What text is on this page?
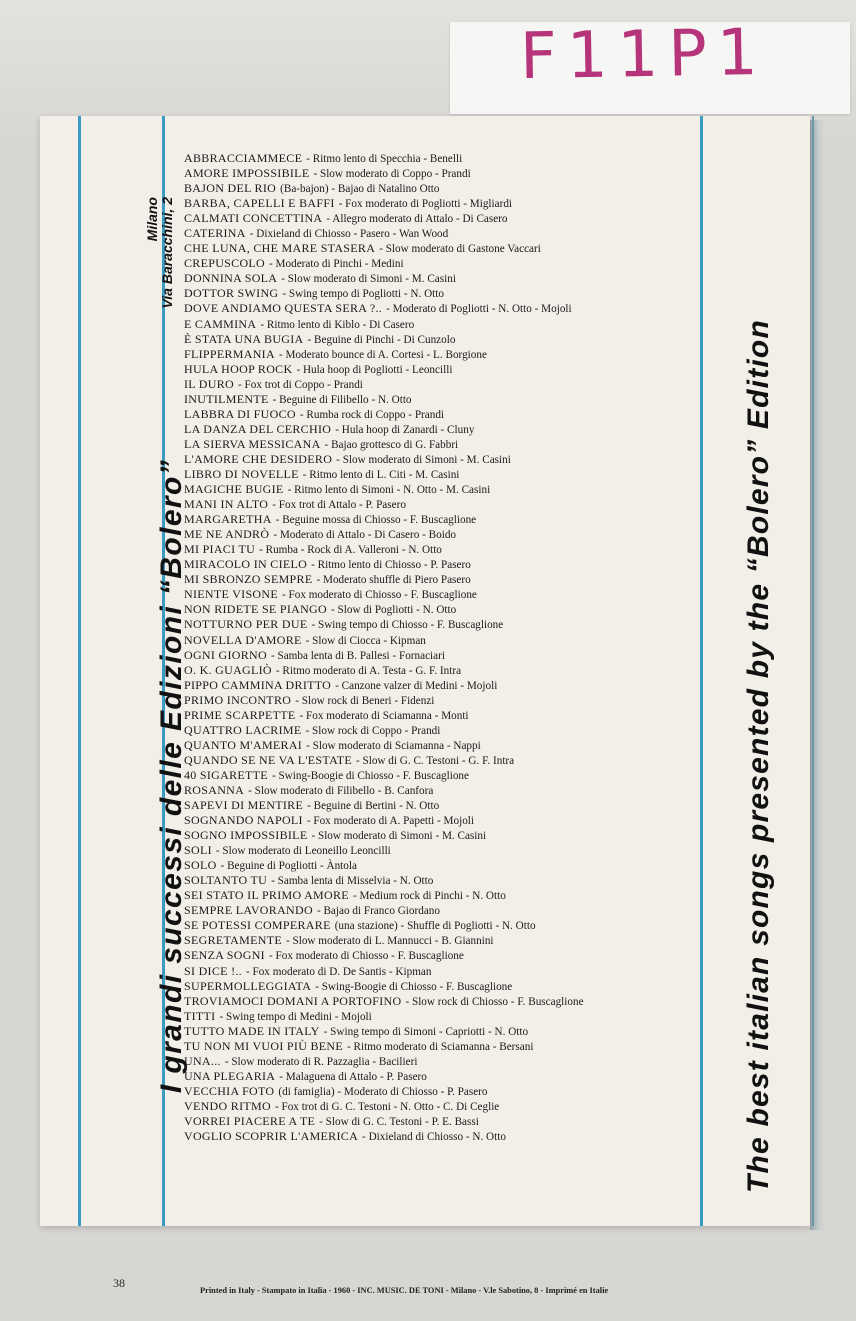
F11P1
I grandi successi delle Edizioni “Bolero”
Milano Via Baracchini, 2
The best italian songs presented by the “Bolero” Edition
38
Printed in Italy - Stampato in Italia - 1960 - INC. MUSIC. DE TONI - Milano - V.le Sabotino, 8 - Imprimé en Italie
ABBRACCIAMMECE - Ritmo lento di Specchia - Benelli
AMORE IMPOSSIBILE - Slow moderato di Coppo - Prandi
BAJON DEL RIO (Ba-bajon) - Bajao di Natalino Otto
BARBA, CAPELLI E BAFFI - Fox moderato di Pogliotti - Migliardi
CALMATI CONCETTINA - Allegro moderato di Attalo - Di Casero
CATERINA - Dixieland di Chiosso - Pasero - Wan Wood
CHE LUNA, CHE MARE STASERA - Slow moderato di Gastone Vaccari
CREPUSCOLO - Moderato di Pinchi - Medini
DONNINA SOLA - Slow moderato di Simoni - M. Casini
DOTTOR SWING - Swing tempo di Pogliotti - N. Otto
DOVE ANDIAMO QUESTA SERA ?.. - Moderato di Pogliotti - N. Otto - Mojoli
E CAMMINA - Ritmo lento di Kiblo - Di Casero
È STATA UNA BUGIA - Beguine di Pinchi - Di Cunzolo
FLIPPERMANIA - Moderato bounce di A. Cortesi - L. Borgione
HULA HOOP ROCK - Hula hoop di Pogliotti - Leoncilli
IL DURO - Fox trot di Coppo - Prandi
INUTILMENTE - Beguine di Filibello - N. Otto
LABBRA DI FUOCO - Rumba rock di Coppo - Prandi
LA DANZA DEL CERCHIO - Hula hoop di Zanardi - Cluny
LA SIERVA MESSICANA - Bajao grottesco di G. Fabbri
L'AMORE CHE DESIDERO - Slow moderato di Simoni - M. Casini
LIBRO DI NOVELLE - Ritmo lento di L. Citi - M. Casini
MAGICHE BUGIE - Ritmo lento di Simoni - N. Otto - M. Casini
MANI IN ALTO - Fox trot di Attalo - P. Pasero
MARGARETHA - Beguine mossa di Chiosso - F. Buscaglione
ME NE ANDRÒ - Moderato di Attalo - Di Casero - Boido
MI PIACI TU - Rumba - Rock di A. Valleroni - N. Otto
MIRACOLO IN CIELO - Ritmo lento di Chiosso - P. Pasero
MI SBRONZO SEMPRE - Moderato shuffle di Piero Pasero
NIENTE VISONE - Fox moderato di Chiosso - F. Buscaglione
NON RIDETE SE PIANGO - Slow di Pogliotti - N. Otto
NOTTURNO PER DUE - Swing tempo di Chiosso - F. Buscaglione
NOVELLA D'AMORE - Slow di Ciocca - Kipman
OGNI GIORNO - Samba lenta di B. Pallesi - Fornaciari
O. K. GUAGLIÒ - Ritmo moderato di A. Testa - G. F. Intra
PIPPO CAMMINA DRITTO - Canzone valzer di Medini - Mojoli
PRIMO INCONTRO - Slow rock di Beneri - Fidenzi
PRIME SCARPETTE - Fox moderato di Sciamanna - Monti
QUATTRO LACRIME - Slow rock di Coppo - Prandi
QUANTO M'AMERAI - Slow moderato di Sciamanna - Nappi
QUANDO SE NE VA L'ESTATE - Slow di G. C. Testoni - G. F. Intra
40 SIGARETTE - Swing-Boogie di Chiosso - F. Buscaglione
ROSANNA - Slow moderato di Filibello - B. Canfora
SAPEVI DI MENTIRE - Beguine di Bertini - N. Otto
SOGNANDO NAPOLI - Fox moderato di A. Papetti - Mojoli
SOGNO IMPOSSIBILE - Slow moderato di Simoni - M. Casini
SOLI - Slow moderato di Leoneillo Leoncilli
SOLO - Beguine di Pogliotti - Àntola
SOLTANTO TU - Samba lenta di Misselvia - N. Otto
SEI STATO IL PRIMO AMORE - Medium rock di Pinchi - N. Otto
SEMPRE LAVORANDO - Bajao di Franco Giordano
SE POTESSI COMPERARE (una stazione) - Shuffle di Pogliotti - N. Otto
SEGRETAMENTE - Slow moderato di L. Mannucci - B. Giannini
SENZA SOGNI - Fox moderato di Chiosso - F. Buscaglione
SI DICE !.. - Fox moderato di D. De Santis - Kipman
SUPERMOLLEGGIATA - Swing-Boogie di Chiosso - F. Buscaglione
TROVIAMOCI DOMANI A PORTOFINO - Slow rock di Chiosso - F. Buscaglione
TITTI - Swing tempo di Medini - Mojoli
TUTTO MADE IN ITALY - Swing tempo di Simoni - Capriotti - N. Otto
TU NON MI VUOI PIÙ BENE - Ritmo moderato di Sciamanna - Bersani
UNA... - Slow moderato di R. Pazzaglia - Bacilieri
UNA PLEGARIA - Malaguena di Attalo - P. Pasero
VECCHIA FOTO (di famiglia) - Moderato di Chiosso - P. Pasero
VENDO RITMO - Fox trot di G. C. Testoni - N. Otto - C. Di Ceglie
VORREI PIACERE A TE - Slow di G. C. Testoni - P. E. Bassi
VOGLIO SCOPRIR L'AMERICA - Dixieland di Chiosso - N. Otto
